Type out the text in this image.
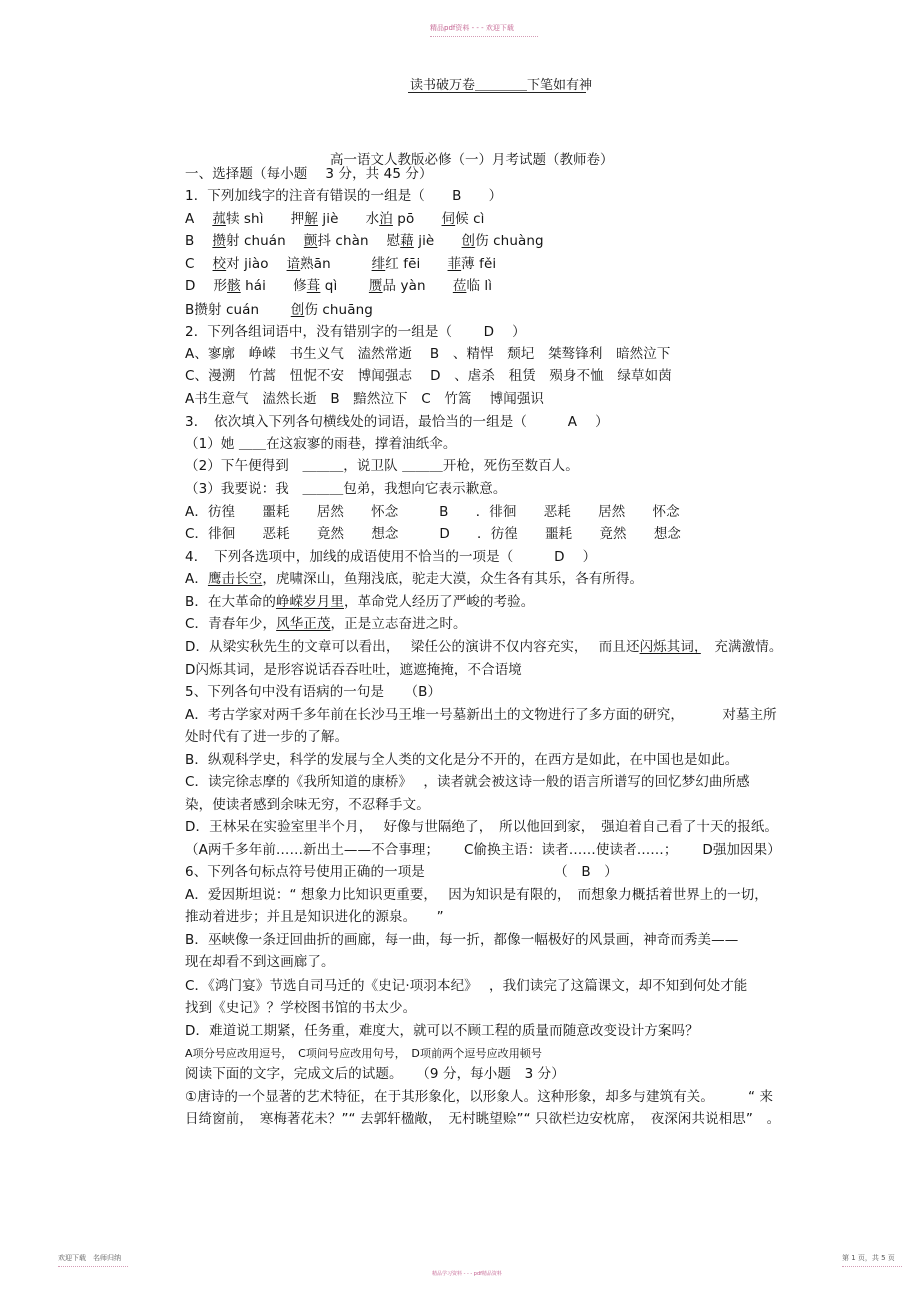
精品pdf资料 - - - 欢迎下载
读书破万卷＿＿＿＿下笔如有神
高一语文人教版必修（一）月考试题（教师卷）
一、选择题（每小题　 3 分，共 45 分）
1．下列加线字的注音有错误的一组是（　　B　　）
A　 菰犊 shì　　押解 jiè　　水泊 pō　　伺候 cì
B　 攒射 chuán　 颤抖 chàn　 慰藉 jiè　　创伤 chuàng
C　 校对 jiào　 谙熟ān　　　绯红 fēi　　菲薄 fěi
D　 形骸 hái　　修葺 qì　　 赝品 yàn　　莅临 lì
B攒射 cuán　　 创伤 chuāng
2．下列各组词语中，没有错别字的一组是（　　 D　 ）
A、寥廓　峥嵘　书生义气　溘然常逝　 B　、精悍　颓圮　桀骜锋利　暗然泣下
C、漫溯　竹蒿　忸怩不安　博闻强志　 D　、虐杀　租赁　殒身不恤　绿草如茵
A书生意气　溘然长逝　B　黯然泣下　C　竹篙　 博闻强识
3．　依次填入下列各句横线处的词语，最恰当的一组是（　　　A　 ）
（1）她 ＿＿在这寂寥的雨巷，撑着油纸伞。
（2）下午便得到　＿＿＿，说卫队 ＿＿＿开枪，死伤至数百人。
（3）我要说：我　＿＿＿包弟，我想向它表示歉意。
A．彷徨　　噩耗　　居然　　怀念　　　B　　．徘徊　　恶耗　　居然　　怀念
C．徘徊　　恶耗　　竟然　　想念　　　D　　．彷徨　　噩耗　　竟然　　想念
4．　下列各选项中，加线的成语使用不恰当的一项是（　　　D　 ）
A．鹰击长空，虎啸深山，鱼翔浅底，驼走大漠，众生各有其乐，各有所得。
B．在大革命的峥嵘岁月里，革命党人经历了严峻的考验。
C．青春年少，风华正茂，正是立志奋进之时。
D．从梁实秋先生的文章可以看出，　 梁任公的演讲不仅内容充实，　 而且还闪烁其词，　充满激情。
D闪烁其词，是形容说话吞吞吐吐，遮遮掩掩，不合语境
5、下列各句中没有语病的一句是　　（B）
A．考古学家对两千多年前在长沙马王堆一号墓新出土的文物进行了多方面的研究，　　　 对墓主所
处时代有了进一步的了解。
B．纵观科学史，科学的发展与全人类的文化是分不开的，在西方是如此，在中国也是如此。
C．读完徐志摩的《我所知道的康桥》　 ，读者就会被这诗一般的语言所谱写的回忆梦幻曲所感
染，使读者感到余味无穷，不忍释手文。
D．王林呆在实验室里半个月，　 好像与世隔绝了，　所以他回到家，　强迫着自己看了十天的报纸。
（A两千多年前……新出土——不合事理；　　 C偷换主语：读者……使读者……；　　 D强加因果）
6、下列各句标点符号使用正确的一项是　　　　　　　　　　（　B　）
A．爱因斯坦说：“ 想象力比知识更重要，　 因为知识是有限的，　而想象力概括着世界上的一切，
推动着进步；并且是知识进化的源泉。　　”
B．巫峡像一条迂回曲折的画廊，每一曲，每一折，都像一幅极好的风景画，神奇而秀美——
现在却看不到这画廊了。
C．《鸿门宴》节选自司马迁的《史记·项羽本纪》　 ，我们读完了这篇课文，却不知到何处才能
找到《史记》？学校图书馆的书太少。
D．难道说工期紧，任务重，难度大，就可以不顾工程的质量而随意改变设计方案吗？
A项分号应改用逗号，　C项问号应改用句号，　D项前两个逗号应改用顿号
阅读下面的文字，完成文后的试题。　　（9 分，每小题　3 分）
①唐诗的一个显著的艺术特征，在于其形象化，以形象人。这种形象，却多与建筑有关。　　　“ 来
日绮窗前，　寒梅著花未？”“ 去郭轩楹敞，　无村眺望赊”“ 只欲栏边安枕席，　夜深闲共说相思”　。
欢迎下载　名师归纳
精品学习资料 - - - pdf精品资料
第 1 页，共 5 页
